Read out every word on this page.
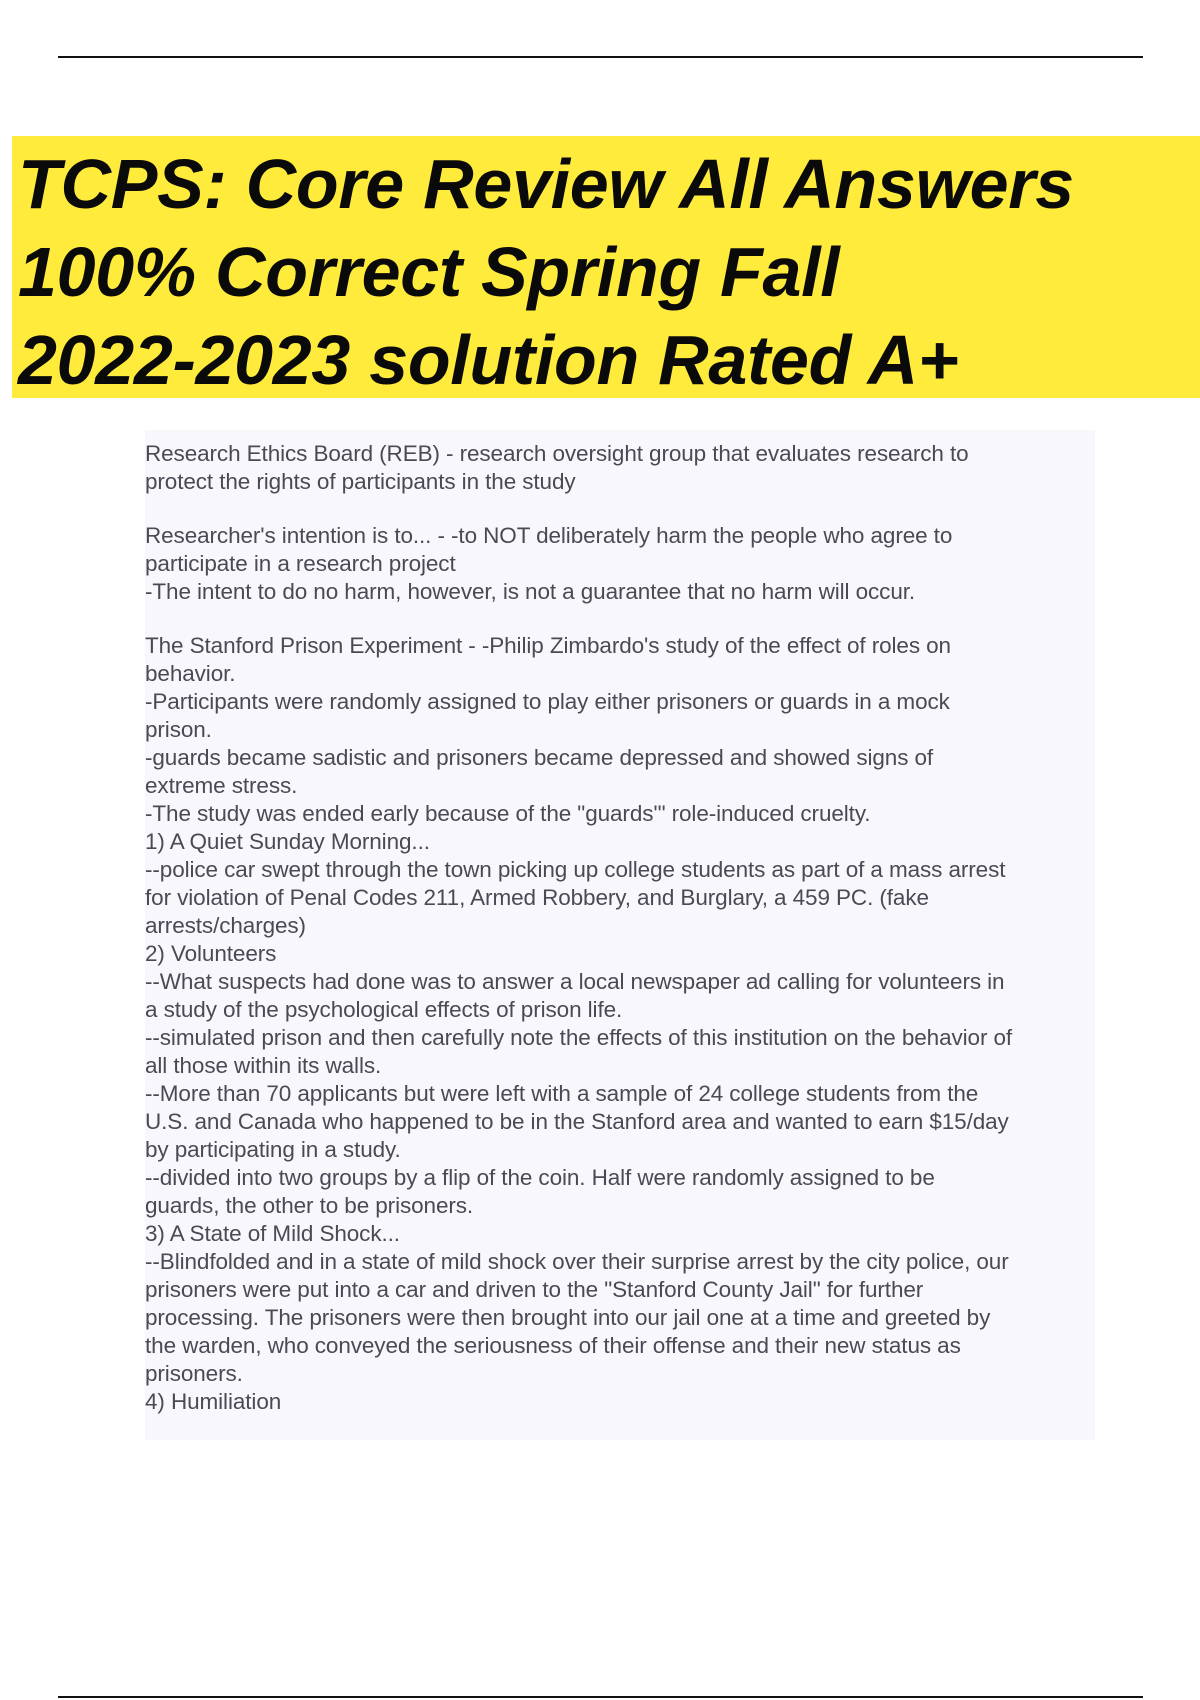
TCPS: Core Review All Answers
100% Correct Spring Fall
2022-2023 solution Rated A+
Research Ethics Board (REB) - research oversight group that evaluates research to
protect the rights of participants in the study
Researcher's intention is to... - -to NOT deliberately harm the people who agree to
participate in a research project
-The intent to do no harm, however, is not a guarantee that no harm will occur.
The Stanford Prison Experiment - -Philip Zimbardo's study of the effect of roles on
behavior.
-Participants were randomly assigned to play either prisoners or guards in a mock
prison.
-guards became sadistic and prisoners became depressed and showed signs of
extreme stress.
-The study was ended early because of the "guards'" role-induced cruelty.
1) A Quiet Sunday Morning...
--police car swept through the town picking up college students as part of a mass arrest
for violation of Penal Codes 211, Armed Robbery, and Burglary, a 459 PC. (fake
arrests/charges)
2) Volunteers
--What suspects had done was to answer a local newspaper ad calling for volunteers in
a study of the psychological effects of prison life.
--simulated prison and then carefully note the effects of this institution on the behavior of
all those within its walls.
--More than 70 applicants but were left with a sample of 24 college students from the
U.S. and Canada who happened to be in the Stanford area and wanted to earn $15/day
by participating in a study.
--divided into two groups by a flip of the coin. Half were randomly assigned to be
guards, the other to be prisoners.
3) A State of Mild Shock...
--Blindfolded and in a state of mild shock over their surprise arrest by the city police, our
prisoners were put into a car and driven to the "Stanford County Jail" for further
processing. The prisoners were then brought into our jail one at a time and greeted by
the warden, who conveyed the seriousness of their offense and their new status as
prisoners.
4) Humiliation
